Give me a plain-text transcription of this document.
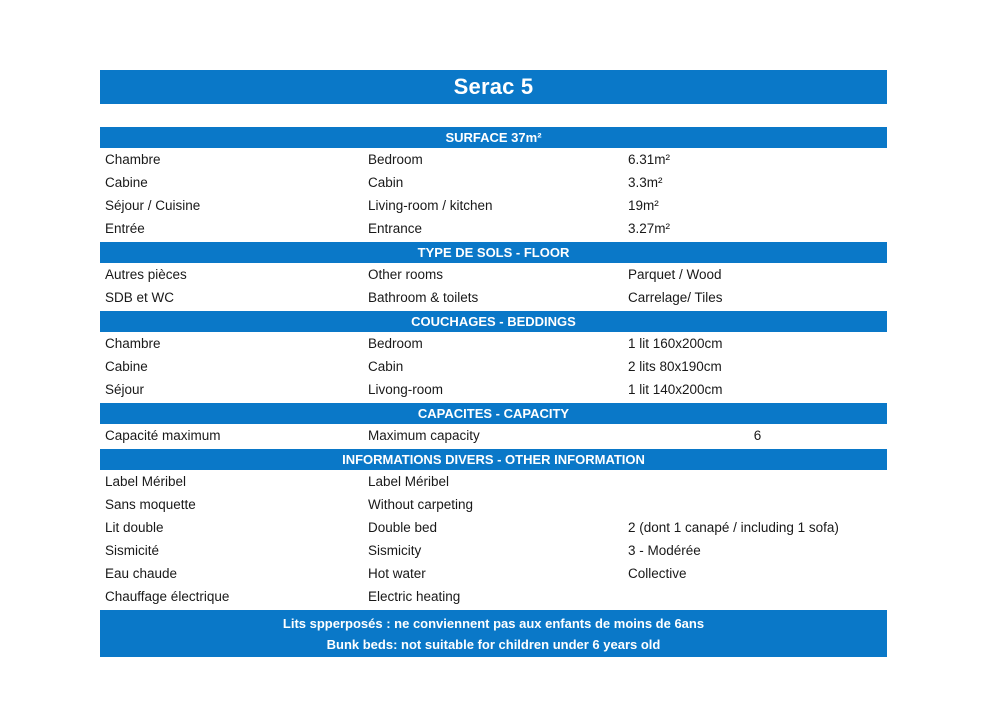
Serac 5
SURFACE 37m²
Chambre	Bedroom	6.31m²
Cabine	Cabin	3.3m²
Séjour / Cuisine	Living-room / kitchen	19m²
Entrée	Entrance	3.27m²
TYPE DE SOLS - FLOOR
Autres pièces	Other rooms	Parquet / Wood
SDB et WC	Bathroom & toilets	Carrelage/ Tiles
COUCHAGES - BEDDINGS
Chambre	Bedroom	1 lit 160x200cm
Cabine	Cabin	2 lits 80x190cm
Séjour	Livong-room	1 lit 140x200cm
CAPACITES - CAPACITY
Capacité maximum	Maximum capacity	6
INFORMATIONS DIVERS - OTHER INFORMATION
Label Méribel	Label Méribel
Sans moquette	Without carpeting
Lit double	Double bed	2 (dont 1 canapé / including 1 sofa)
Sismicité	Sismicity	3 - Modérée
Eau chaude	Hot water	Collective
Chauffage électrique	Electric heating
Lits spperposés : ne conviennent pas aux enfants de moins de 6ans
Bunk beds: not suitable for children under 6 years old
